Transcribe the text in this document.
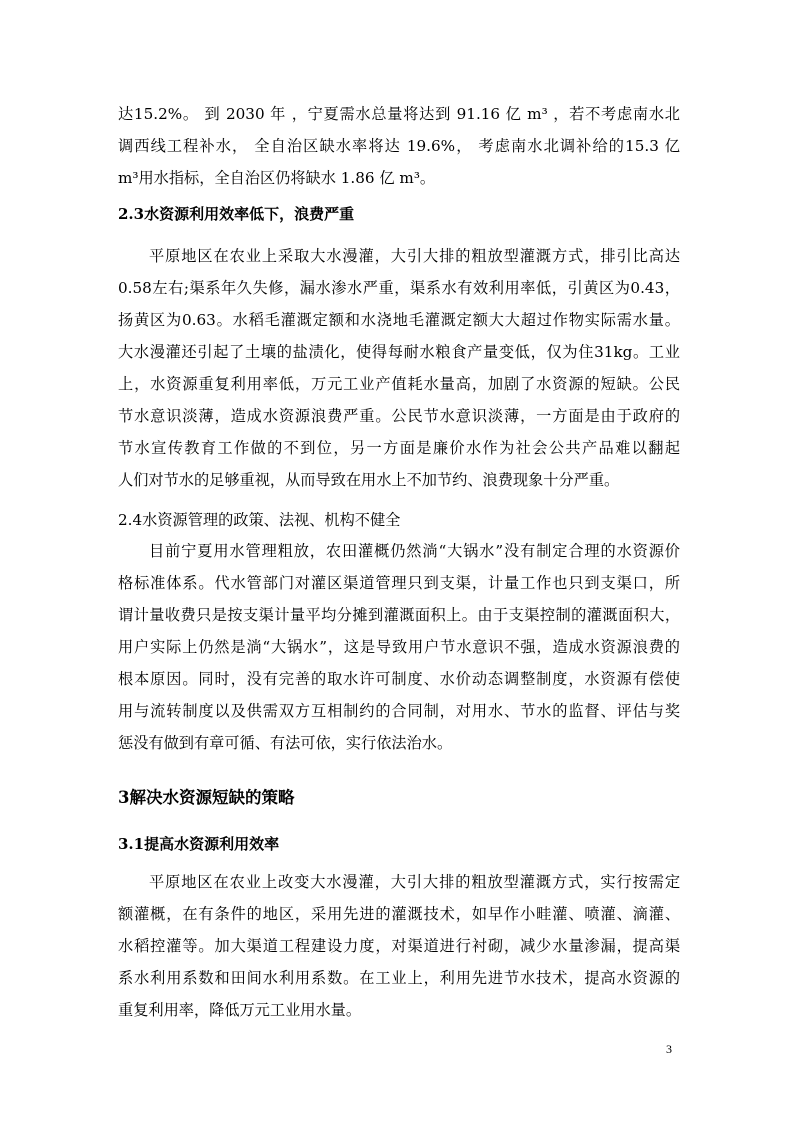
达15.2%。 到 2030 年 ，宁夏需水总量将达到 91.16 亿 m³ ，若不考虑南水北
调西线工程补水， 全自治区缺水率将达 19.6%， 考虑南水北调补给的15.3 亿
m³用水指标，全自治区仍将缺水 1.86 亿 m³。
2.3水资源利用效率低下，浪费严重
平原地区在农业上采取大水漫灌，大引大排的粗放型灌溉方式，排引比高达
0.58左右;渠系年久失修，漏水渗水严重，渠系水有效利用率低，引黄区为0.43，
扬黄区为0.63。水稻毛灌溉定额和水浇地毛灌溉定额大大超过作物实际需水量。
大水漫灌还引起了土壤的盐渍化，使得每耐水粮食产量变低，仅为住31kg。工业
上，水资源重复利用率低，万元工业产值耗水量高，加剧了水资源的短缺。公民
节水意识淡薄，造成水资源浪费严重。公民节水意识淡薄，一方面是由于政府的
节水宣传教育工作做的不到位，另一方面是廉价水作为社会公共产品难以翻起
人们对节水的足够重视，从而导致在用水上不加节约、浪费现象十分严重。
2.4水资源管理的政策、法视、机构不健全
目前宁夏用水管理粗放，农田灌概仍然淌“大锅水”没有制定合理的水资源价
格标准体系。代水管部门对灌区渠道管理只到支渠，计量工作也只到支渠口，所
谓计量收费只是按支渠计量平均分摊到灌溉面积上。由于支渠控制的灌溉面积大，
用户实际上仍然是淌“大锅水”，这是导致用户节水意识不强，造成水资源浪费的
根本原因。同时，没有完善的取水许可制度、水价动态调整制度，水资源有偿使
用与流转制度以及供需双方互相制约的合同制，对用水、节水的监督、评估与奖
惩没有做到有章可循、有法可依，实行依法治水。
3解决水资源短缺的策略
3.1提高水资源利用效率
平原地区在农业上改变大水漫灌，大引大排的粗放型灌溉方式，实行按需定
额灌概，在有条件的地区，采用先进的灌溉技术，如早作小畦灌、喷灌、滴灌、
水稻控灌等。加大渠道工程建设力度，对渠道进行衬砌，减少水量渗漏，提高渠
系水利用系数和田间水利用系数。在工业上，利用先进节水技术，提高水资源的
重复利用率，降低万元工业用水量。
3
